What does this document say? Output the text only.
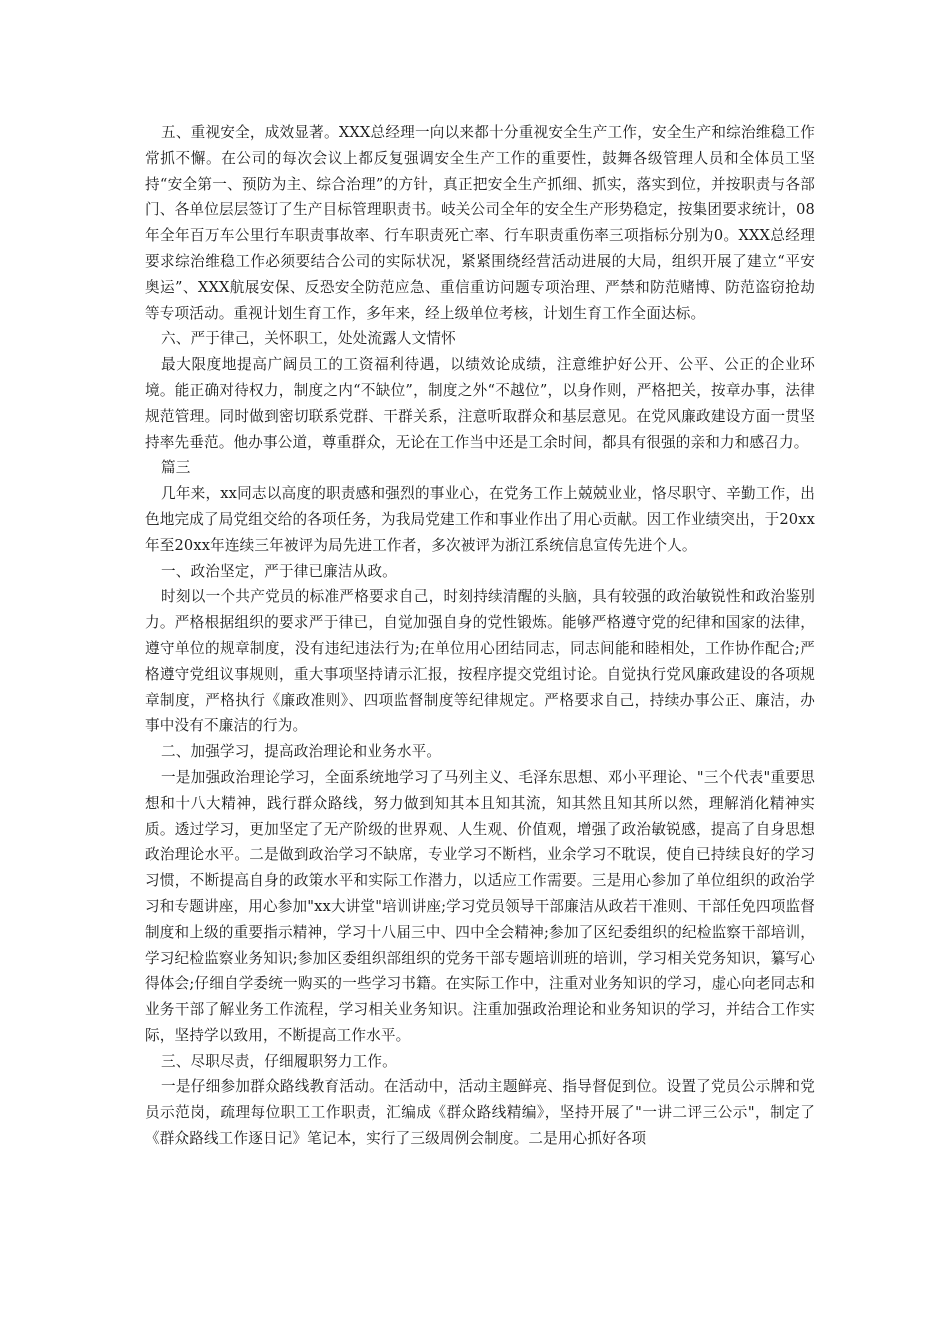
五、重视安全，成效显著。XXX总经理一向以来都十分重视安全生产工作，安全生产和综治维稳工作常抓不懈。在公司的每次会议上都反复强调安全生产工作的重要性，鼓舞各级管理人员和全体员工坚持“安全第一、预防为主、综合治理”的方针，真正把安全生产抓细、抓实，落实到位，并按职责与各部门、各单位层层签订了生产目标管理职责书。岐关公司全年的安全生产形势稳定，按集团要求统计，08年全年百万车公里行车职责事故率、行车职责死亡率、行车职责重伤率三项指标分别为0。XXX总经理要求综治维稳工作必须要结合公司的实际状况，紧紧围绕经营活动进展的大局，组织开展了建立“平安奥运”、XXX航展安保、反恐安全防范应急、重信重访问题专项治理、严禁和防范赌博、防范盗窃抢劫等专项活动。重视计划生育工作，多年来，经上级单位考核，计划生育工作全面达标。

六、严于律己，关怀职工，处处流露人文情怀

最大限度地提高广阔员工的工资福利待遇，以绩效论成绩，注意维护好公开、公平、公正的企业环境。能正确对待权力，制度之内“不缺位”，制度之外“不越位”，以身作则，严格把关，按章办事，法律规范管理。同时做到密切联系党群、干群关系，注意听取群众和基层意见。在党风廉政建设方面一贯坚持率先垂范。他办事公道，尊重群众，无论在工作当中还是工余时间，都具有很强的亲和力和感召力。

篇三

几年来，xx同志以高度的职责感和强烈的事业心，在党务工作上兢兢业业，恪尽职守、辛勤工作，出色地完成了局党组交给的各项任务，为我局党建工作和事业作出了用心贡献。因工作业绩突出，于20xx年至20xx年连续三年被评为局先进工作者，多次被评为浙江系统信息宣传先进个人。

一、政治坚定，严于律已廉洁从政。

时刻以一个共产党员的标准严格要求自己，时刻持续清醒的头脑，具有较强的政治敏锐性和政治鉴别力。严格根据组织的要求严于律已，自觉加强自身的党性锻炼。能够严格遵守党的纪律和国家的法律，遵守单位的规章制度，没有违纪违法行为;在单位用心团结同志，同志间能和睦相处，工作协作配合;严格遵守党组议事规则，重大事项坚持请示汇报，按程序提交党组讨论。自觉执行党风廉政建设的各项规章制度，严格执行《廉政准则》、四项监督制度等纪律规定。严格要求自己，持续办事公正、廉洁，办事中没有不廉洁的行为。

二、加强学习，提高政治理论和业务水平。

一是加强政治理论学习，全面系统地学习了马列主义、毛泽东思想、邓小平理论、"三个代表"重要思想和十八大精神，践行群众路线，努力做到知其本且知其流，知其然且知其所以然，理解消化精神实质。透过学习，更加坚定了无产阶级的世界观、人生观、价值观，增强了政治敏锐感，提高了自身思想政治理论水平。二是做到政治学习不缺席，专业学习不断档，业余学习不耽误，使自已持续良好的学习习惯，不断提高自身的政策水平和实际工作潜力，以适应工作需要。三是用心参加了单位组织的政治学习和专题讲座，用心参加"xx大讲堂"培训讲座;学习党员领导干部廉洁从政若干准则、干部任免四项监督制度和上级的重要指示精神，学习十八届三中、四中全会精神;参加了区纪委组织的纪检监察干部培训，学习纪检监察业务知识;参加区委组织部组织的党务干部专题培训班的培训，学习相关党务知识，纂写心得体会;仔细自学委统一购买的一些学习书籍。在实际工作中，注重对业务知识的学习，虚心向老同志和业务干部了解业务工作流程，学习相关业务知识。注重加强政治理论和业务知识的学习，并结合工作实际，坚持学以致用，不断提高工作水平。

三、尽职尽责，仔细履职努力工作。

一是仔细参加群众路线教育活动。在活动中，活动主题鲜亮、指导督促到位。设置了党员公示牌和党员示范岗，疏理每位职工工作职责，汇编成《群众路线精编》，坚持开展了"一讲二评三公示"，制定了《群众路线工作逐日记》笔记本，实行了三级周例会制度。二是用心抓好各项
